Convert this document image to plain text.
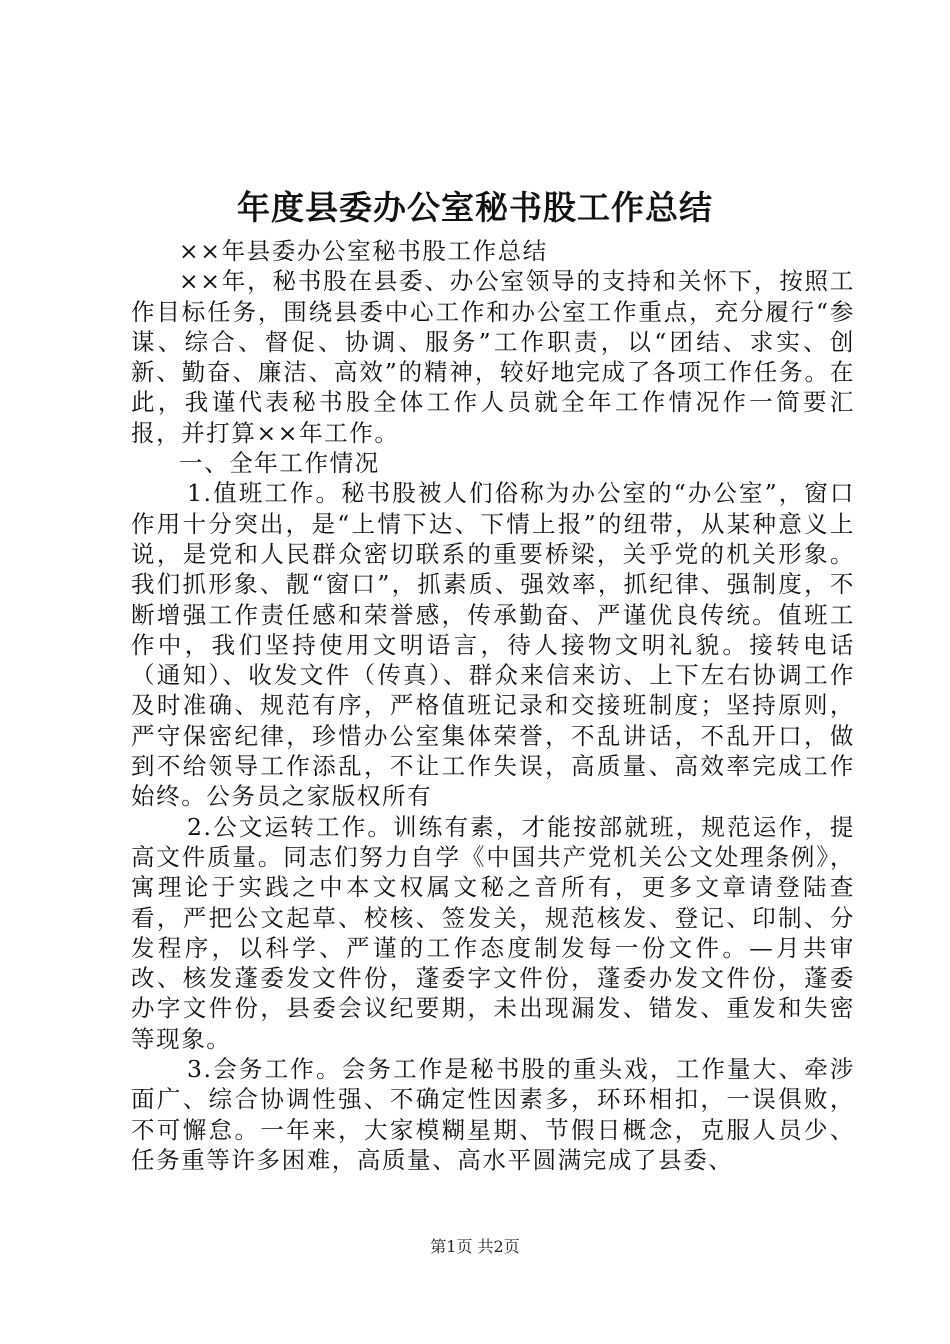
年度县委办公室秘书股工作总结

××年县委办公室秘书股工作总结

××年，秘书股在县委、办公室领导的支持和关怀下，按照工作目标任务，围绕县委中心工作和办公室工作重点，充分履行“参谋、综合、督促、协调、服务”工作职责，以“团结、求实、创新、勤奋、廉洁、高效”的精神，较好地完成了各项工作任务。在此，我谨代表秘书股全体工作人员就全年工作情况作一简要汇报，并打算××年工作。

一、全年工作情况

1.值班工作。秘书股被人们俗称为办公室的“办公室”，窗口作用十分突出，是“上情下达、下情上报”的纽带，从某种意义上说，是党和人民群众密切联系的重要桥梁，关乎党的机关形象。我们抓形象、靓“窗口”，抓素质、强效率，抓纪律、强制度，不断增强工作责任感和荣誉感，传承勤奋、严谨优良传统。值班工作中，我们坚持使用文明语言，待人接物文明礼貌。接转电话（通知）、收发文件（传真）、群众来信来访、上下左右协调工作及时准确、规范有序，严格值班记录和交接班制度；坚持原则，严守保密纪律，珍惜办公室集体荣誉，不乱讲话，不乱开口，做到不给领导工作添乱，不让工作失误，高质量、高效率完成工作始终。公务员之家版权所有

2.公文运转工作。训练有素，才能按部就班，规范运作，提高文件质量。同志们努力自学《中国共产党机关公文处理条例》，寓理论于实践之中本文权属文秘之音所有，更多文章请登陆查看，严把公文起草、校核、签发关，规范核发、登记、印制、分发程序，以科学、严谨的工作态度制发每一份文件。—月共审改、核发蓬委发文件份，蓬委字文件份，蓬委办发文件份，蓬委办字文件份，县委会议纪要期，未出现漏发、错发、重发和失密等现象。

3.会务工作。会务工作是秘书股的重头戏，工作量大、牵涉面广、综合协调性强、不确定性因素多，环环相扣，一误俱败，不可懈怠。一年来，大家模糊星期、节假日概念，克服人员少、任务重等许多困难，高质量、高水平圆满完成了县委、

第1页 共2页
